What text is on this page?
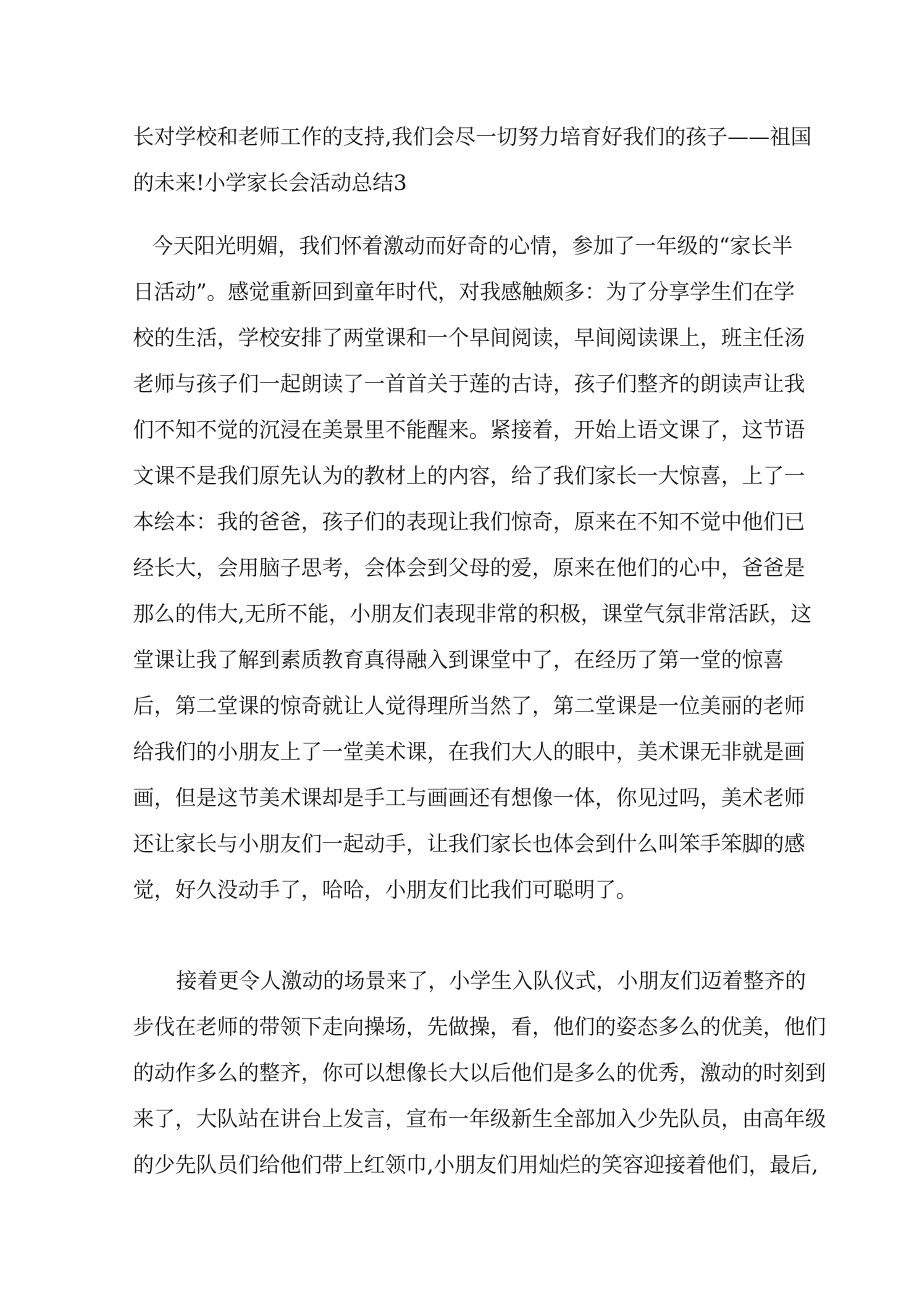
长对学校和老师工作的支持,我们会尽一切努力培育好我们的孩子——祖国
的未来!小学家长会活动总结3
今天阳光明媚，我们怀着激动而好奇的心情，参加了一年级的“家长半
日活动”。感觉重新回到童年时代，对我感触颇多：为了分享学生们在学
校的生活，学校安排了两堂课和一个早间阅读，早间阅读课上，班主任汤
老师与孩子们一起朗读了一首首关于莲的古诗，孩子们整齐的朗读声让我
们不知不觉的沉浸在美景里不能醒来。紧接着，开始上语文课了，这节语
文课不是我们原先认为的教材上的内容，给了我们家长一大惊喜，上了一
本绘本：我的爸爸，孩子们的表现让我们惊奇，原来在不知不觉中他们已
经长大，会用脑子思考，会体会到父母的爱，原来在他们的心中，爸爸是
那么的伟大,无所不能，小朋友们表现非常的积极，课堂气氛非常活跃，这
堂课让我了解到素质教育真得融入到课堂中了，在经历了第一堂的惊喜
后，第二堂课的惊奇就让人觉得理所当然了，第二堂课是一位美丽的老师
给我们的小朋友上了一堂美术课，在我们大人的眼中，美术课无非就是画
画，但是这节美术课却是手工与画画还有想像一体，你见过吗，美术老师
还让家长与小朋友们一起动手，让我们家长也体会到什么叫笨手笨脚的感
觉，好久没动手了，哈哈，小朋友们比我们可聪明了。
接着更令人激动的场景来了，小学生入队仪式，小朋友们迈着整齐的
步伐在老师的带领下走向操场，先做操，看，他们的姿态多么的优美，他们
的动作多么的整齐，你可以想像长大以后他们是多么的优秀，激动的时刻到
来了，大队站在讲台上发言，宣布一年级新生全部加入少先队员，由高年级
的少先队员们给他们带上红领巾,小朋友们用灿烂的笑容迎接着他们，最后,
